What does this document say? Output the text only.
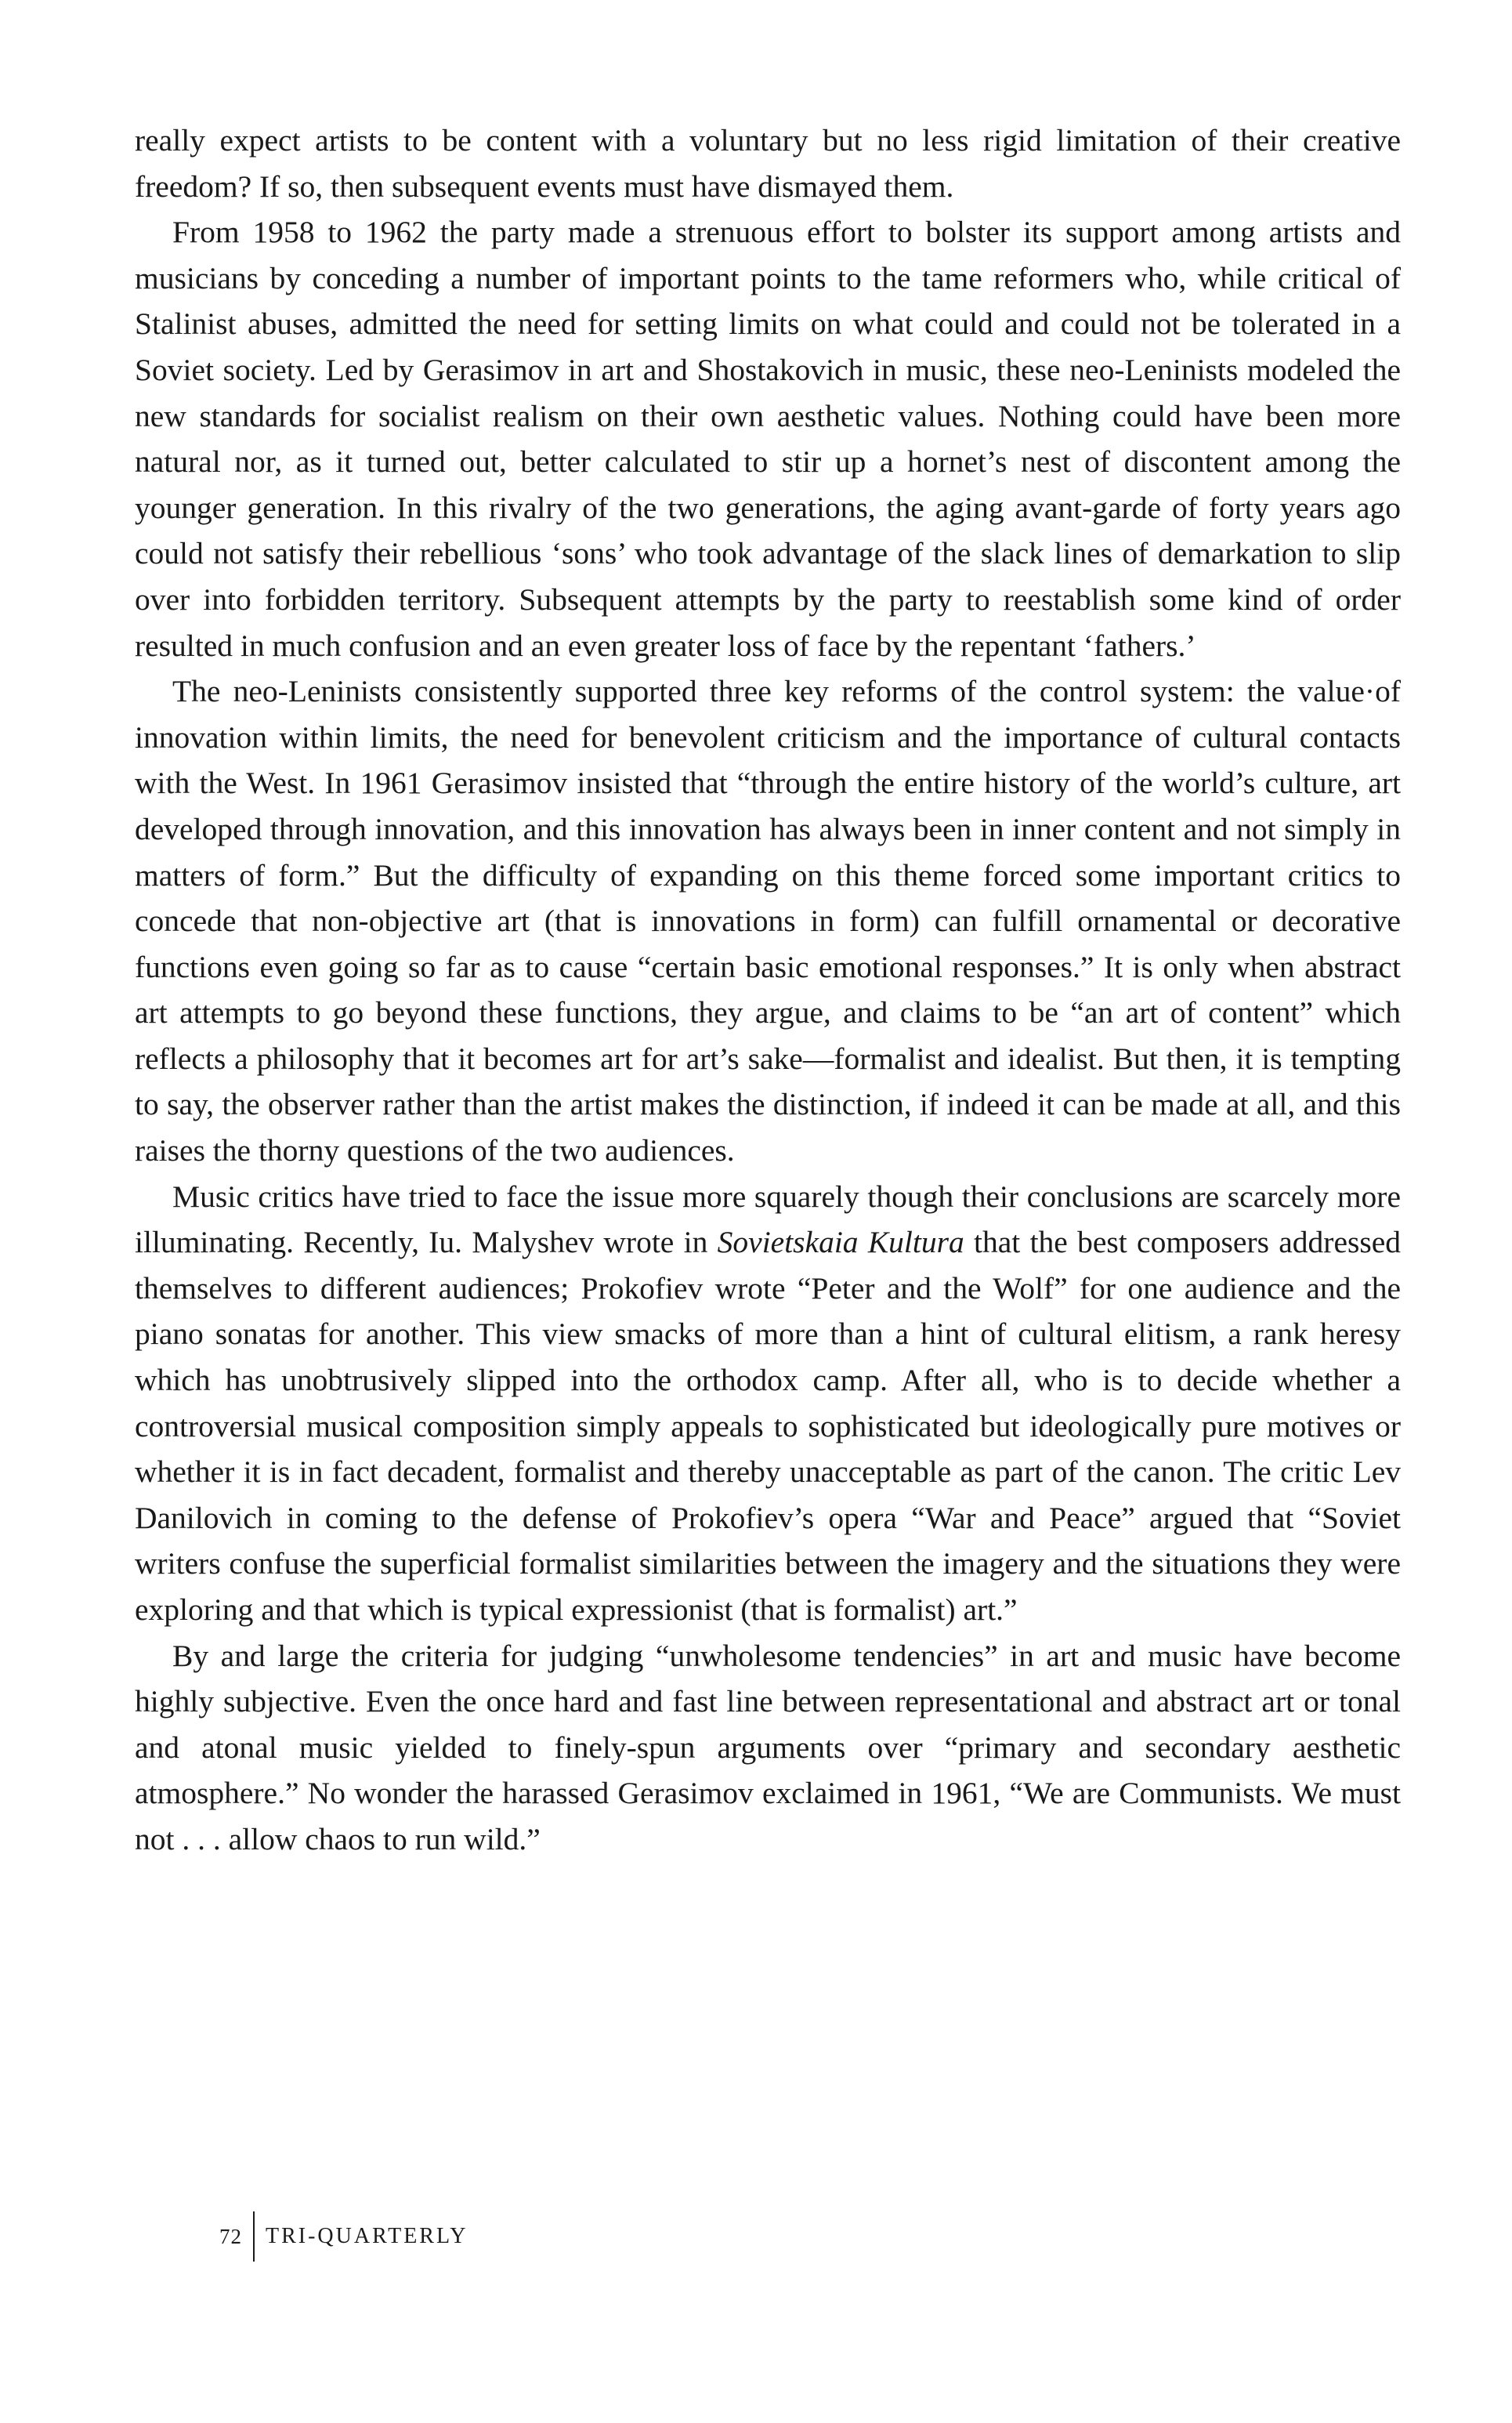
really expect artists to be content with a voluntary but no less rigid limitation of their creative freedom? If so, then subsequent events must have dismayed them.

From 1958 to 1962 the party made a strenuous effort to bolster its support among artists and musicians by conceding a number of important points to the tame reformers who, while critical of Stalinist abuses, admitted the need for setting limits on what could and could not be tolerated in a Soviet society. Led by Gerasimov in art and Shostakovich in music, these neo-Leninists modeled the new standards for socialist realism on their own aesthetic values. Nothing could have been more natural nor, as it turned out, better calculated to stir up a hornet’s nest of discontent among the younger generation. In this rivalry of the two generations, the aging avant-garde of forty years ago could not satisfy their rebellious ‘sons’ who took advantage of the slack lines of demarkation to slip over into forbidden territory. Subsequent attempts by the party to reestablish some kind of order resulted in much confusion and an even greater loss of face by the repentant ‘fathers.’

The neo-Leninists consistently supported three key reforms of the control system: the value·of innovation within limits, the need for benevolent criticism and the importance of cultural contacts with the West. In 1961 Gerasimov insisted that “through the entire history of the world’s culture, art developed through innovation, and this innovation has always been in inner content and not simply in matters of form.” But the difficulty of expanding on this theme forced some important critics to concede that non-objective art (that is innovations in form) can fulfill ornamental or decorative functions even going so far as to cause “certain basic emotional responses.” It is only when abstract art attempts to go beyond these functions, they argue, and claims to be “an art of content” which reflects a philosophy that it becomes art for art’s sake—formalist and idealist. But then, it is tempting to say, the observer rather than the artist makes the distinction, if indeed it can be made at all, and this raises the thorny questions of the two audiences.

Music critics have tried to face the issue more squarely though their conclusions are scarcely more illuminating. Recently, Iu. Malyshev wrote in Sovietskaia Kultura that the best composers addressed themselves to different audiences; Prokofiev wrote “Peter and the Wolf” for one audience and the piano sonatas for another. This view smacks of more than a hint of cultural elitism, a rank heresy which has unobtrusively slipped into the orthodox camp. After all, who is to decide whether a controversial musical composition simply appeals to sophisticated but ideologically pure motives or whether it is in fact decadent, formalist and thereby unacceptable as part of the canon. The critic Lev Danilovich in coming to the defense of Prokofiev’s opera “War and Peace” argued that “Soviet writers confuse the superficial formalist similarities between the imagery and the situations they were exploring and that which is typical expressionist (that is formalist) art.”

By and large the criteria for judging “unwholesome tendencies” in art and music have become highly subjective. Even the once hard and fast line between representational and abstract art or tonal and atonal music yielded to finely-spun arguments over “primary and secondary aesthetic atmosphere.” No wonder the harassed Gerasimov exclaimed in 1961, “We are Communists. We must not . . . allow chaos to run wild.”

72	TRI-QUARTERLY
